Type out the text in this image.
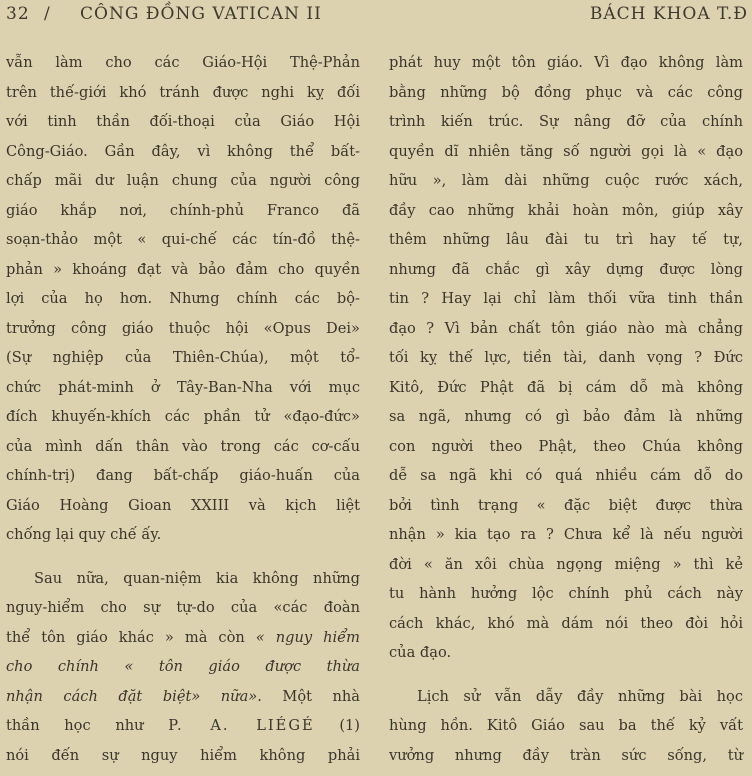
32 / CÔNG ĐỒNG VATICAN II	BÁCH KHOA T.Đ

vẫn làm cho các Giáo-Hội Thệ-Phản

trên thế-giới khó tránh được nghi kỵ đối

với tinh thần đối-thoại của Giáo Hội

Công-Giáo. Gần đây, vì không thể bất-

chấp mãi dư luận chung của người công

giáo khắp nơi, chính-phủ Franco đã

soạn-thảo một « qui-chế các tín-đồ thệ-

phản » khoáng đạt và bảo đảm cho quyền

lợi của họ hơn. Nhưng chính các bộ-

trưởng công giáo thuộc hội «Opus Dei»

(Sự nghiệp của Thiên-Chúa), một tổ-

chức phát-minh ở Tây-Ban-Nha với mục

đích khuyến-khích các phần tử «đạo-đức»

của mình dấn thân vào trong các cơ-cấu

chính-trị) đang bất-chấp giáo-huấn của

Giáo Hoàng Gioan XXIII và kịch liệt

chống lại quy chế ấy.

Sau nữa, quan-niệm kia không những

nguy-hiểm cho sự tự-do của «các đoàn

thể tôn giáo khác » mà còn « nguy hiểm

cho chính « tôn giáo được thừa

nhận cách đặt biệt» nữa». Một nhà

thần học như P. A. LIÉGÉ (1)

nói đến sự nguy hiểm không phải

phát huy một tôn giáo. Vì đạo không làm

bằng những bộ đồng phục và các công

trình kiến trúc. Sự nâng đỡ của chính

quyền dĩ nhiên tăng số người gọi là « đạo

hữu », làm dài những cuộc rước xách,

đầy cao những khải hoàn môn, giúp xây

thêm những lâu đài tu trì hay tế tự,

nhưng đã chắc gì xây dựng được lòng

tin ? Hay lại chỉ làm thối vữa tinh thần

đạo ? Vì bản chất tôn giáo nào mà chẳng

tối kỵ thế lực, tiền tài, danh vọng ? Đức

Kitô, Đức Phật đã bị cám dỗ mà không

sa ngã, nhưng có gì bảo đảm là những

con người theo Phật, theo Chúa không

dễ sa ngã khi có quá nhiều cám dỗ do

bởi tình trạng « đặc biệt được thừa

nhận » kia tạo ra ? Chưa kể là nếu người

đời « ăn xôi chùa ngọng miệng » thì kẻ

tu hành hưởng lộc chính phủ cách này

cách khác, khó mà dám nói theo đòi hỏi

của đạo.

Lịch sử vẫn dẫy đầy những bài học

hùng hồn. Kitô Giáo sau ba thế kỷ vất

vưởng nhưng đầy tràn sức sống, từ
